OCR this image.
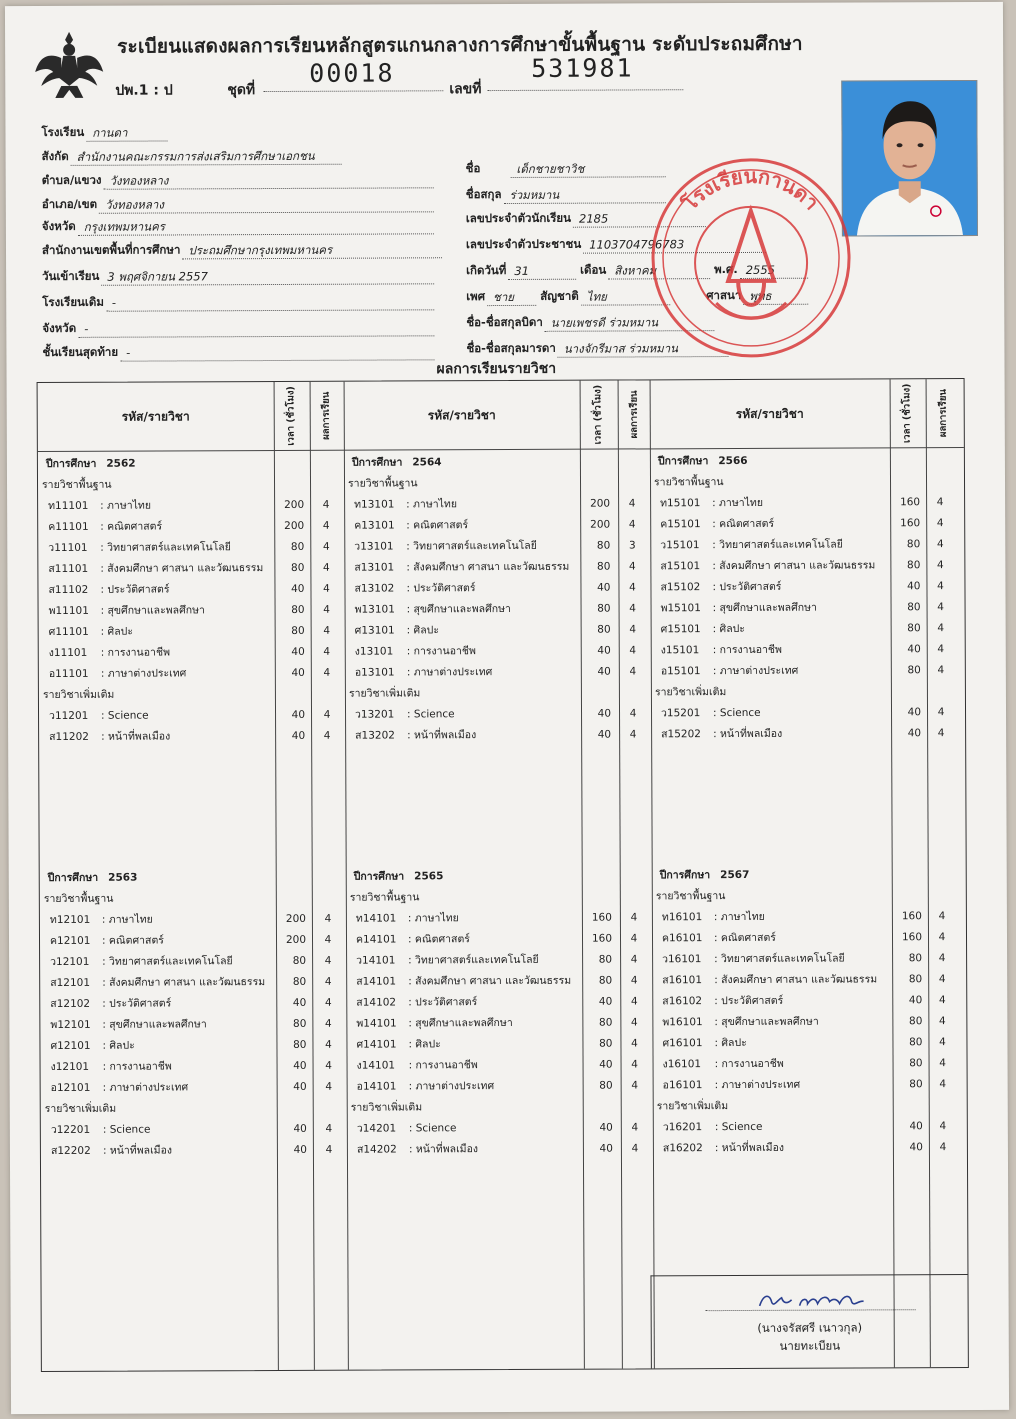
ระเบียนแสดงผลการเรียนหลักสูตรแกนกลางการศึกษาขั้นพื้นฐาน ระดับประถมศึกษา
ปพ.1 : ป	ชุดที่
00018
เลขที่
531981
โรงเรียน กานดา
สังกัด สำนักงานคณะกรรมการส่งเสริมการศึกษาเอกชน
ตำบล/แขวง วังทองหลาง
อำเภอ/เขต วังทองหลาง
จังหวัด กรุงเทพมหานคร
สำนักงานเขตพื้นที่การศึกษา ประถมศึกษากรุงเทพมหานคร
วันเข้าเรียน 3 พฤศจิกายน 2557
โรงเรียนเดิม -
จังหวัด -
ชั้นเรียนสุดท้าย -
ชื่อ	เด็กชายชาวิช
ชื่อสกุล ร่วมหมาน
เลขประจำตัวนักเรียน 2185
เลขประจำตัวประชาชน 1103704796783
เกิดวันที่ 31	เดือน สิงหาคม	พ.ศ. 2555
เพศ ชาย	สัญชาติ ไทย	ศาสนา พุทธ
ชื่อ-ชื่อสกุลบิดา นายเพชรดี ร่วมหมาน
ชื่อ-ชื่อสกุลมารดา นางจักรีมาส ร่วมหมาน
โรงเรียนกานดา
ผลการเรียนรายวิชา
รหัส/รายวิชา	เวลา (ชั่วโมง)	ผลการเรียน	รหัส/รายวิชา	เวลา (ชั่วโมง)	ผลการเรียน	รหัส/รายวิชา	เวลา (ชั่วโมง)	ผลการเรียน
ปีการศึกษา 2562
รายวิชาพื้นฐาน
ท11101 : ภาษาไทย	200	4
ค11101 : คณิตศาสตร์	200	4
ว11101 : วิทยาศาสตร์และเทคโนโลยี	80	4
ส11101 : สังคมศึกษา ศาสนา และวัฒนธรรม	80	4
ส11102 : ประวัติศาสตร์	40	4
พ11101 : สุขศึกษาและพลศึกษา	80	4
ศ11101 : ศิลปะ	80	4
ง11101 : การงานอาชีพ	40	4
อ11101 : ภาษาต่างประเทศ	40	4
รายวิชาเพิ่มเติม
ว11201 : Science	40	4
ส11202 : หน้าที่พลเมือง	40	4
ปีการศึกษา 2563
รายวิชาพื้นฐาน
ท12101 : ภาษาไทย	200	4
ค12101 : คณิตศาสตร์	200	4
ว12101 : วิทยาศาสตร์และเทคโนโลยี	80	4
ส12101 : สังคมศึกษา ศาสนา และวัฒนธรรม	80	4
ส12102 : ประวัติศาสตร์	40	4
พ12101 : สุขศึกษาและพลศึกษา	80	4
ศ12101 : ศิลปะ	80	4
ง12101 : การงานอาชีพ	40	4
อ12101 : ภาษาต่างประเทศ	40	4
รายวิชาเพิ่มเติม
ว12201 : Science	40	4
ส12202 : หน้าที่พลเมือง	40	4
ปีการศึกษา 2564
รายวิชาพื้นฐาน
ท13101 : ภาษาไทย	200	4
ค13101 : คณิตศาสตร์	200	4
ว13101 : วิทยาศาสตร์และเทคโนโลยี	80	3
ส13101 : สังคมศึกษา ศาสนา และวัฒนธรรม	80	4
ส13102 : ประวัติศาสตร์	40	4
พ13101 : สุขศึกษาและพลศึกษา	80	4
ศ13101 : ศิลปะ	80	4
ง13101 : การงานอาชีพ	40	4
อ13101 : ภาษาต่างประเทศ	40	4
รายวิชาเพิ่มเติม
ว13201 : Science	40	4
ส13202 : หน้าที่พลเมือง	40	4
ปีการศึกษา 2565
รายวิชาพื้นฐาน
ท14101 : ภาษาไทย	160	4
ค14101 : คณิตศาสตร์	160	4
ว14101 : วิทยาศาสตร์และเทคโนโลยี	80	4
ส14101 : สังคมศึกษา ศาสนา และวัฒนธรรม	80	4
ส14102 : ประวัติศาสตร์	40	4
พ14101 : สุขศึกษาและพลศึกษา	80	4
ศ14101 : ศิลปะ	80	4
ง14101 : การงานอาชีพ	40	4
อ14101 : ภาษาต่างประเทศ	80	4
รายวิชาเพิ่มเติม
ว14201 : Science	40	4
ส14202 : หน้าที่พลเมือง	40	4
ปีการศึกษา 2566
รายวิชาพื้นฐาน
ท15101 : ภาษาไทย	160	4
ค15101 : คณิตศาสตร์	160	4
ว15101 : วิทยาศาสตร์และเทคโนโลยี	80	4
ส15101 : สังคมศึกษา ศาสนา และวัฒนธรรม	80	4
ส15102 : ประวัติศาสตร์	40	4
พ15101 : สุขศึกษาและพลศึกษา	80	4
ศ15101 : ศิลปะ	80	4
ง15101 : การงานอาชีพ	40	4
อ15101 : ภาษาต่างประเทศ	80	4
รายวิชาเพิ่มเติม
ว15201 : Science	40	4
ส15202 : หน้าที่พลเมือง	40	4
ปีการศึกษา 2567
รายวิชาพื้นฐาน
ท16101 : ภาษาไทย	160	4
ค16101 : คณิตศาสตร์	160	4
ว16101 : วิทยาศาสตร์และเทคโนโลยี	80	4
ส16101 : สังคมศึกษา ศาสนา และวัฒนธรรม	80	4
ส16102 : ประวัติศาสตร์	40	4
พ16101 : สุขศึกษาและพลศึกษา	80	4
ศ16101 : ศิลปะ	80	4
ง16101 : การงานอาชีพ	80	4
อ16101 : ภาษาต่างประเทศ	80	4
รายวิชาเพิ่มเติม
ว16201 : Science	40	4
ส16202 : หน้าที่พลเมือง	40	4
(นางจรัสศรี เนาวกุล)
นายทะเบียน
